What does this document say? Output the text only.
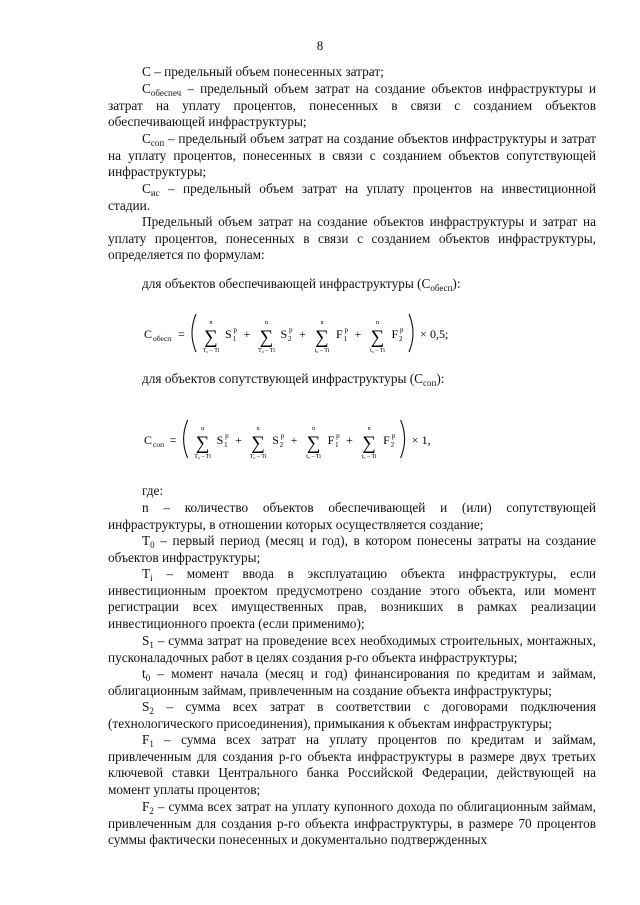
8

C – предельный объем понесенных затрат;

$C_{обеспеч}$ – предельный объем затрат на создание объектов инфраструктуры и затрат на уплату процентов, понесенных в связи с созданием объектов обеспечивающей инфраструктуры;

$C_{соп}$ – предельный объем затрат на создание объектов инфраструктуры и затрат на уплату процентов, понесенных в связи с созданием объектов сопутствующей инфраструктуры;

$C_{ис}$ – предельный объем затрат на уплату процентов на инвестиционной стадии.

Предельный объем затрат на создание объектов инфраструктуры и затрат на уплату процентов, понесенных в связи с созданием объектов инфраструктуры, определяется по формулам:

для объектов обеспечивающей инфраструктуры $(C_{обесп})$:

C обесп =
n
∑
T₀ – Ti
S 1
p +
n
∑
T₀ – Ti
S 2
p +
n
∑
t₀ – Ti
F 1
p +
n
∑
t₀ – Ti
F 2
p × 0,5;

для объектов сопутствующей инфраструктуры $(C_{соп})$:

C соп =
n
∑
T₀ – Ti
S 1
p +
n
∑
T₀ – Ti
S 2
p +
n
∑
t₀ – Ti
F 1
p +
n
∑
t₀ – Ti
F 2
p × 1,

где:

n – количество объектов обеспечивающей и (или) сопутствующей инфраструктуры, в отношении которых осуществляется создание;

$T_0$ – первый период (месяц и год), в котором понесены затраты на создание объектов инфраструктуры;

$T_i$ – момент ввода в эксплуатацию объекта инфраструктуры, если инвестиционным проектом предусмотрено создание этого объекта, или момент регистрации всех имущественных прав, возникших в рамках реализации инвестиционного проекта (если применимо);

$S_1$ – сумма затрат на проведение всех необходимых строительных, монтажных, пусконаладочных работ в целях создания p-го объекта инфраструктуры;

$t_0$ – момент начала (месяц и год) финансирования по кредитам и займам, облигационным займам, привлеченным на создание объекта инфраструктуры;

$S_2$ – сумма всех затрат в соответствии с договорами подключения (технологического присоединения), примыкания к объектам инфраструктуры;

$F_1$ – сумма всех затрат на уплату процентов по кредитам и займам, привлеченным для создания p-го объекта инфраструктуры в размере двух третьих ключевой ставки Центрального банка Российской Федерации, действующей на момент уплаты процентов;

$F_2$ – сумма всех затрат на уплату купонного дохода по облигационным займам, привлеченным для создания p-го объекта инфраструктуры, в размере 70 процентов суммы фактически понесенных и документально подтвержденных
